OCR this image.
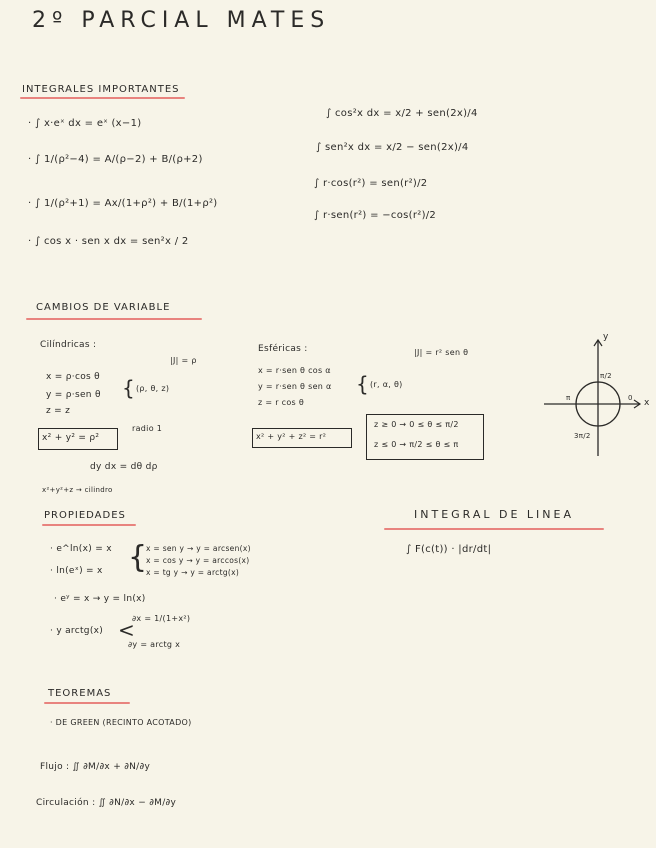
2º PARCIAL MATES
INTEGRALES IMPORTANTES
· ∫ x·eˣ dx = eˣ (x−1)
· ∫ 1/(ρ²−4) = A/(ρ−2) + B/(ρ+2)
· ∫ 1/(ρ²+1) = Ax/(1+ρ²) + B/(1+ρ²)
· ∫ cos x · sen x dx = sen²x / 2
∫ cos²x dx = x/2 + sen(2x)/4
∫ sen²x dx = x/2 − sen(2x)/4
∫ r·cos(r²) = sen(r²)/2
∫ r·sen(r²) = −cos(r²)/2
CAMBIOS DE VARIABLE
Cilíndricas :
|J| = ρ
x = ρ·cos θ
y = ρ·sen θ
z = z
{ (ρ, θ, z)
x² + y² = ρ²
radio 1
dy dx = dθ dρ
x²+y²+z → cilindro
Esféricas :	|J| = r² sen θ
x = r·sen θ cos α
y = r·sen θ sen α
z = r cos θ
{ (r, α, θ)
x² + y² + z² = r²
z ≥ 0 → 0 ≤ θ ≤ π/2
z ≤ 0 → π/2 ≤ θ ≤ π
y
x
π/2
π	0
3π/2
PROPIEDADES
· e^ln(x) = x
· ln(eˣ) = x
· eʸ = x → y = ln(x)
· y arctg(x)
{
x = sen y → y = arcsen(x)
x = cos y → y = arccos(x)
x = tg y → y = arctg(x)
<
∂x = 1/(1+x²)
∂y = arctg x
INTEGRAL DE LINEA
∫ F(c(t)) · |dr/dt|
TEOREMAS
· DE GREEN (RECINTO ACOTADO)
Flujo : ∬ ∂M/∂x + ∂N/∂y
Circulación : ∬ ∂N/∂x − ∂M/∂y
